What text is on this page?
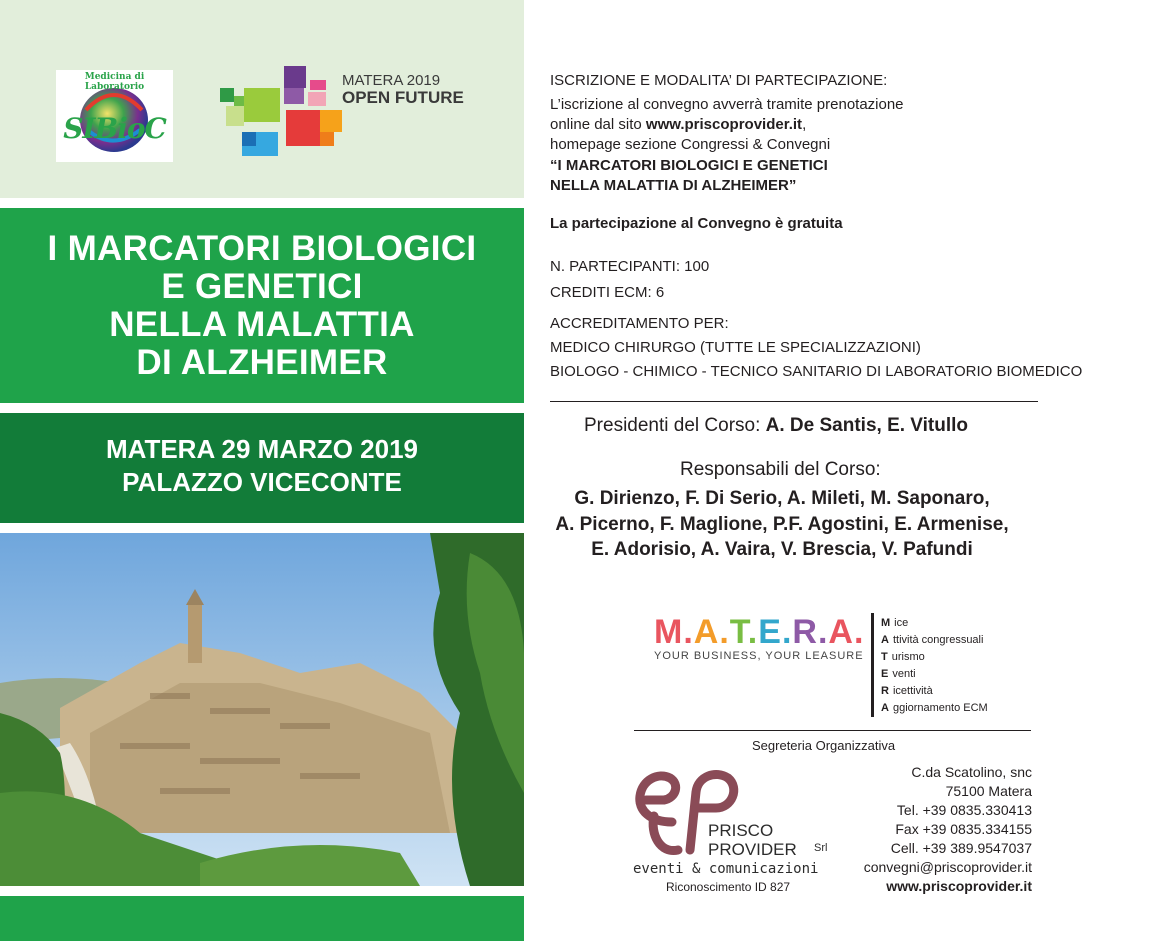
Medicina di Laboratorio
SIBioC
MATERA 2019
OPEN FUTURE
I MARCATORI BIOLOGICI
E GENETICI
NELLA MALATTIA
DI ALZHEIMER
MATERA 29 MARZO 2019
PALAZZO VICECONTE
ISCRIZIONE E MODALITA’ DI PARTECIPAZIONE:
L’iscrizione al convegno avverrà tramite prenotazione
online dal sito www.priscoprovider.it,
homepage sezione Congressi & Convegni
“I MARCATORI BIOLOGICI E GENETICI
NELLA MALATTIA DI ALZHEIMER”
La partecipazione al Convegno è gratuita
N. PARTECIPANTI: 100
CREDITI ECM: 6
ACCREDITAMENTO PER:
MEDICO CHIRURGO (TUTTE LE SPECIALIZZAZIONI)
BIOLOGO - CHIMICO - TECNICO SANITARIO DI LABORATORIO BIOMEDICO
Presidenti del Corso: A. De Santis, E. Vitullo
Responsabili del Corso:
G. Dirienzo, F. Di Serio, A. Mileti, M. Saponaro,
A. Picerno, F. Maglione, P.F. Agostini, E. Armenise,
E. Adorisio, A. Vaira, V. Brescia, V. Pafundi
M.A.T.E.R.A.
YOUR BUSINESS, YOUR LEASURE
M ice
A ttività congressuali
T urismo
E venti
R icettività
A ggiornamento ECM
Segreteria Organizzativa
PRISCO
PROVIDER Srl
eventi & comunicazioni
Riconoscimento ID 827
C.da Scatolino, snc
75100 Matera
Tel. +39 0835.330413
Fax +39 0835.334155
Cell. +39 389.9547037
convegni@priscoprovider.it
www.priscoprovider.it
